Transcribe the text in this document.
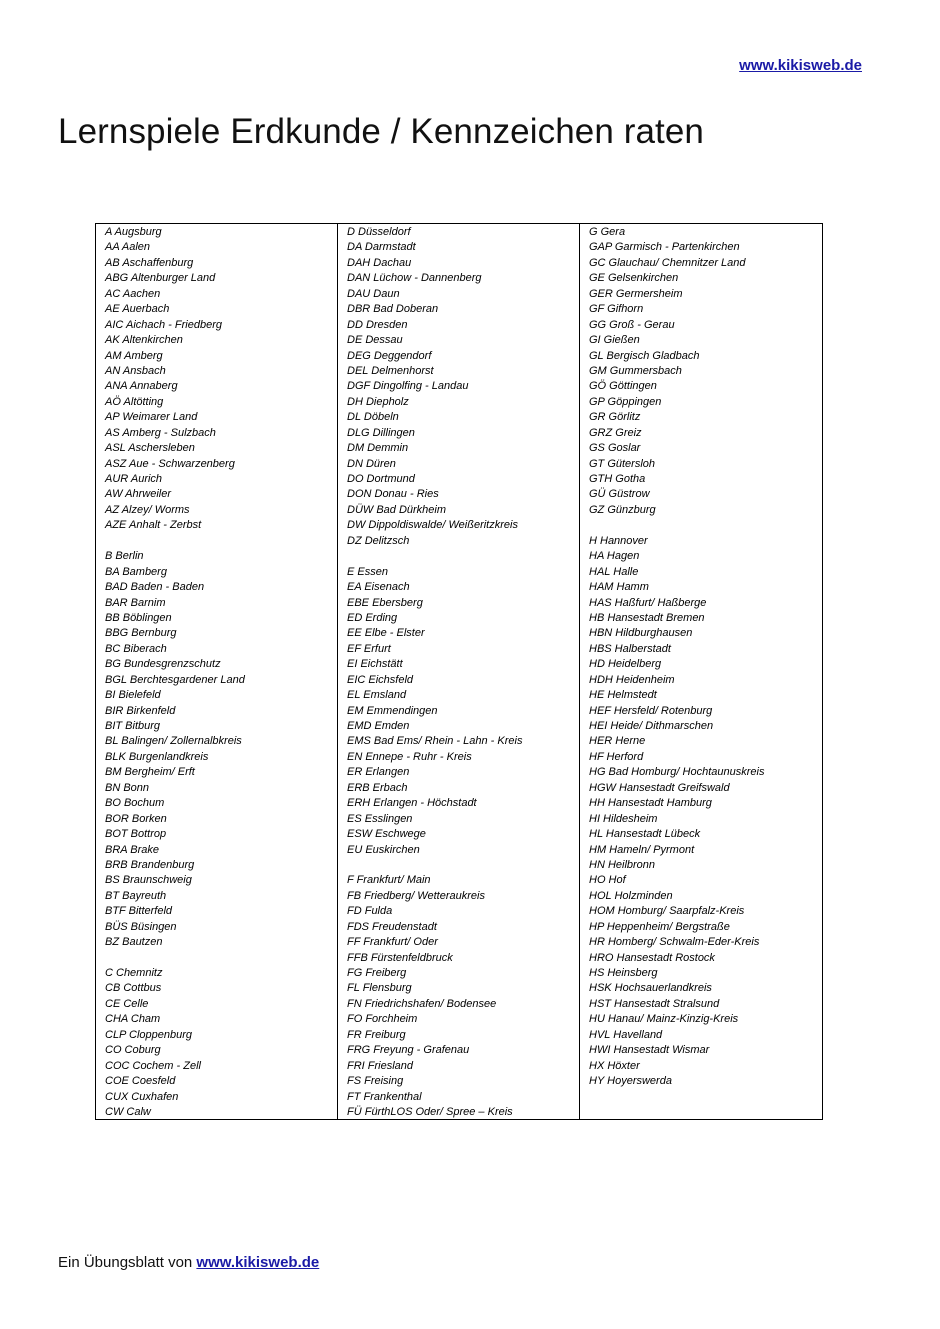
www.kikisweb.de
Lernspiele Erdkunde / Kennzeichen raten
A Augsburg
AA Aalen
AB Aschaffenburg
ABG Altenburger Land
AC Aachen
AE Auerbach
AIC Aichach - Friedberg
AK Altenkirchen
AM Amberg
AN Ansbach
ANA Annaberg
AÖ Altötting
AP Weimarer Land
AS Amberg - Sulzbach
ASL Aschersleben
ASZ Aue - Schwarzenberg
AUR Aurich
AW Ahrweiler
AZ Alzey/ Worms
AZE Anhalt - Zerbst
B Berlin
BA Bamberg
BAD Baden - Baden
BAR Barnim
BB Böblingen
BBG Bernburg
BC Biberach
BG Bundesgrenzschutz
BGL Berchtesgardener Land
BI Bielefeld
BIR Birkenfeld
BIT Bitburg
BL Balingen/ Zollernalbkreis
BLK Burgenlandkreis
BM Bergheim/ Erft
BN Bonn
BO Bochum
BOR Borken
BOT Bottrop
BRA Brake
BRB Brandenburg
BS Braunschweig
BT Bayreuth
BTF Bitterfeld
BÜS Büsingen
BZ Bautzen
C Chemnitz
CB Cottbus
CE Celle
CHA Cham
CLP Cloppenburg
CO Coburg
COC Cochem - Zell
COE Coesfeld
CUX Cuxhafen
CW Calw
D Düsseldorf
DA Darmstadt
DAH Dachau
DAN Lüchow - Dannenberg
DAU Daun
DBR Bad Doberan
DD Dresden
DE Dessau
DEG Deggendorf
DEL Delmenhorst
DGF Dingolfing - Landau
DH Diepholz
DL Döbeln
DLG Dillingen
DM Demmin
DN Düren
DO Dortmund
DON Donau - Ries
DÜW Bad Dürkheim
DW Dippoldiswalde/ Weißeritzkreis
DZ Delitzsch
E Essen
EA Eisenach
EBE Ebersberg
ED Erding
EE Elbe - Elster
EF Erfurt
EI Eichstätt
EIC Eichsfeld
EL Emsland
EM Emmendingen
EMD Emden
EMS Bad Ems/ Rhein - Lahn - Kreis
EN Ennepe - Ruhr - Kreis
ER Erlangen
ERB Erbach
ERH Erlangen - Höchstadt
ES Esslingen
ESW Eschwege
EU Euskirchen
F Frankfurt/ Main
FB Friedberg/ Wetteraukreis
FD Fulda
FDS Freudenstadt
FF Frankfurt/ Oder
FFB Fürstenfeldbruck
FG Freiberg
FL Flensburg
FN Friedrichshafen/ Bodensee
FO Forchheim
FR Freiburg
FRG Freyung - Grafenau
FRI Friesland
FS Freising
FT Frankenthal
FÜ FürthLOS Oder/ Spree – Kreis
G Gera
GAP Garmisch - Partenkirchen
GC Glauchau/ Chemnitzer Land
GE Gelsenkirchen
GER Germersheim
GF Gifhorn
GG Groß - Gerau
GI Gießen
GL Bergisch Gladbach
GM Gummersbach
GÖ Göttingen
GP Göppingen
GR Görlitz
GRZ Greiz
GS Goslar
GT Gütersloh
GTH Gotha
GÜ Güstrow
GZ Günzburg
H Hannover
HA Hagen
HAL Halle
HAM Hamm
HAS Haßfurt/ Haßberge
HB Hansestadt Bremen
HBN Hildburghausen
HBS Halberstadt
HD Heidelberg
HDH Heidenheim
HE Helmstedt
HEF Hersfeld/ Rotenburg
HEI Heide/ Dithmarschen
HER Herne
HF Herford
HG Bad Homburg/ Hochtaunuskreis
HGW Hansestadt Greifswald
HH Hansestadt Hamburg
HI Hildesheim
HL Hansestadt Lübeck
HM Hameln/ Pyrmont
HN Heilbronn
HO Hof
HOL Holzminden
HOM Homburg/ Saarpfalz-Kreis
HP Heppenheim/ Bergstraße
HR Homberg/ Schwalm-Eder-Kreis
HRO Hansestadt Rostock
HS Heinsberg
HSK Hochsauerlandkreis
HST Hansestadt Stralsund
HU Hanau/ Mainz-Kinzig-Kreis
HVL Havelland
HWI Hansestadt Wismar
HX Höxter
HY Hoyerswerda
Ein Übungsblatt von www.kikisweb.de
